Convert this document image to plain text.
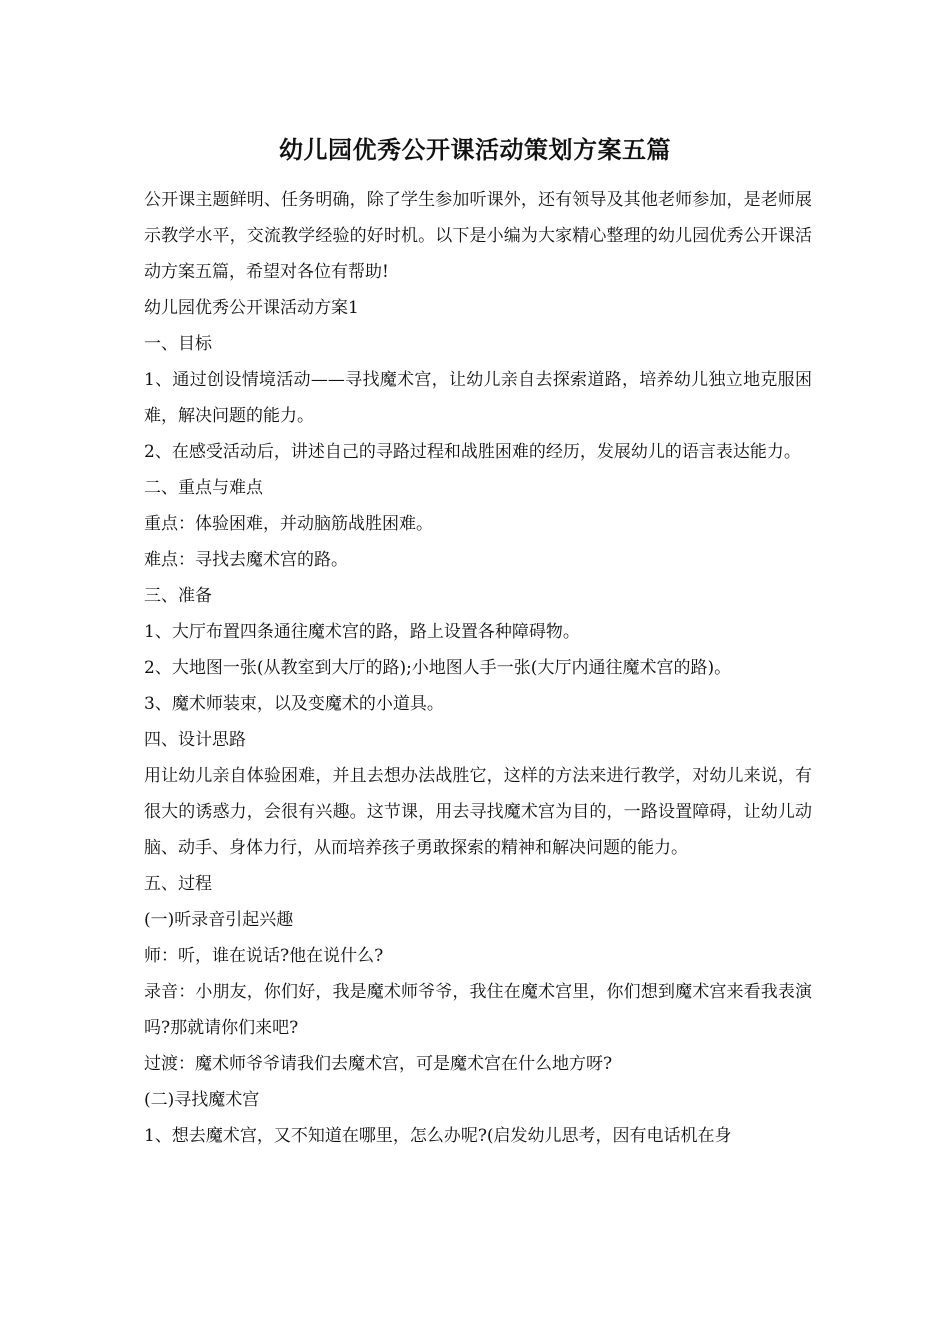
幼儿园优秀公开课活动策划方案五篇

公开课主题鲜明、任务明确，除了学生参加听课外，还有领导及其他老师参加，是老师展示教学水平，交流教学经验的好时机。以下是小编为大家精心整理的幼儿园优秀公开课活动方案五篇，希望对各位有帮助!

幼儿园优秀公开课活动方案1

一、目标

1、通过创设情境活动——寻找魔术宫，让幼儿亲自去探索道路，培养幼儿独立地克服困难，解决问题的能力。

2、在感受活动后，讲述自己的寻路过程和战胜困难的经历，发展幼儿的语言表达能力。

二、重点与难点

重点：体验困难，并动脑筋战胜困难。

难点：寻找去魔术宫的路。

三、准备

1、大厅布置四条通往魔术宫的路，路上设置各种障碍物。

2、大地图一张(从教室到大厅的路);小地图人手一张(大厅内通往魔术宫的路)。

3、魔术师装束，以及变魔术的小道具。

四、设计思路

用让幼儿亲自体验困难，并且去想办法战胜它，这样的方法来进行教学，对幼儿来说，有很大的诱惑力，会很有兴趣。这节课，用去寻找魔术宫为目的，一路设置障碍，让幼儿动脑、动手、身体力行，从而培养孩子勇敢探索的精神和解决问题的能力。

五、过程

(一)听录音引起兴趣

师：听，谁在说话?他在说什么?

录音：小朋友，你们好，我是魔术师爷爷，我住在魔术宫里，你们想到魔术宫来看我表演吗?那就请你们来吧?

过渡：魔术师爷爷请我们去魔术宫，可是魔术宫在什么地方呀?

(二)寻找魔术宫

1、想去魔术宫，又不知道在哪里，怎么办呢?(启发幼儿思考，因有电话机在身
